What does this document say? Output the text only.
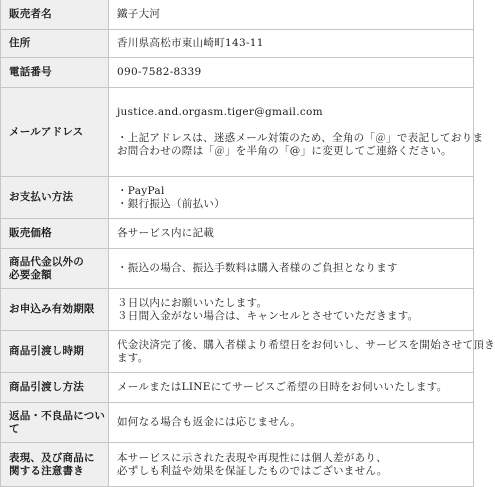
販売者名	鐵子大河

住所	香川県高松市東山崎町143-11

電話番号	090-7582-8339

メールアドレス	justice.and.orgasm.tiger@gmail.com
・上記アドレスは、迷惑メール対策のため、全角の「＠」で表記しておりま
お問合わせの際は「＠」を半角の「@」に変更してご連絡ください。

お支払い方法	・PayPal
・銀行振込（前払い）

販売価格	各サービス内に記載

商品代金以外の
必要金額	・振込の場合、振込手数料は購入者様のご負担となります

お申込み有効期限	３日以内にお願いいたします。
３日間入金がない場合は、キャンセルとさせていただきます。

商品引渡し時期	代金決済完了後、購入者様より希望日をお伺いし、サービスを開始させて頂き
ます。

商品引渡し方法	メールまたはLINEにてサービスご希望の日時をお伺いいたします。

返品・不良品につい
て	如何なる場合も返金には応じません。

表現、及び商品に
関する注意書き	本サービスに示された表現や再現性には個人差があり、
必ずしも利益や効果を保証したものではございません。
